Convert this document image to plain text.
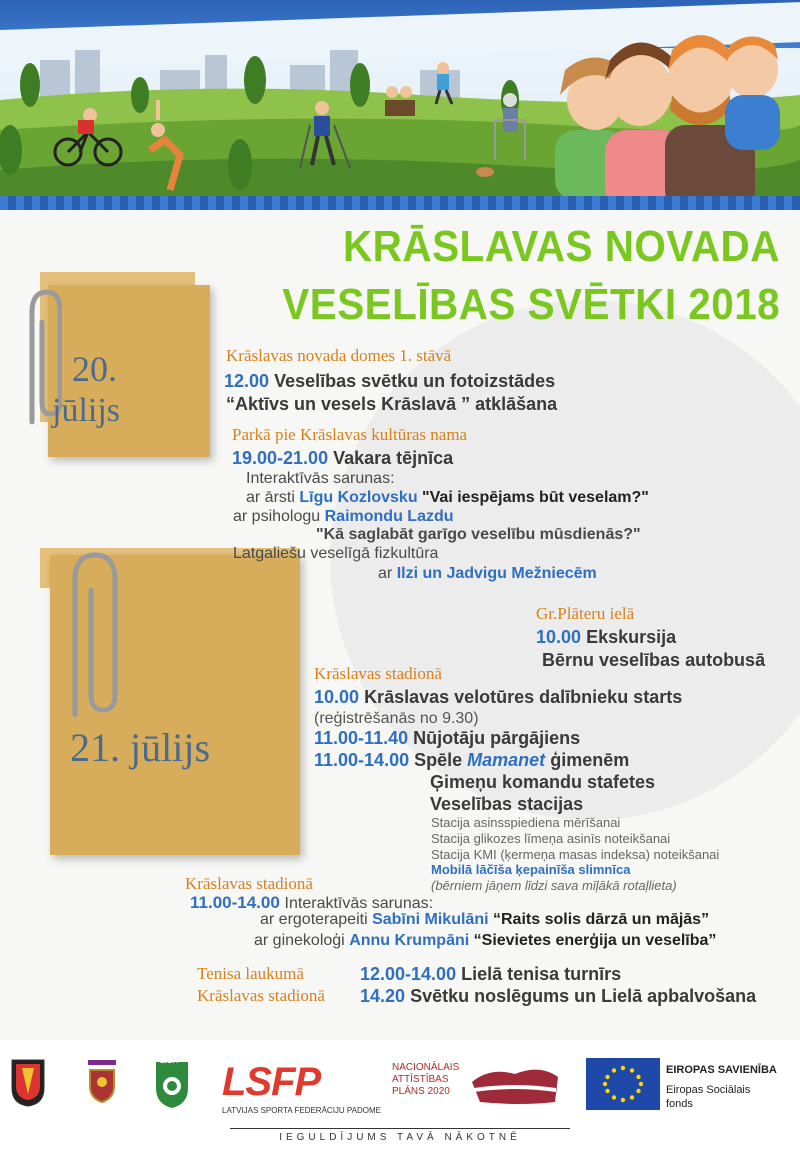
KRĀSLAVAS NOVADA
VESELĪBAS SVĒTKI 2018
20.
jūlijs
21. jūlijs
Krāslavas novada domes 1. stāvā
12.00 Veselības svētku un fotoizstādes
“Aktīvs un vesels Krāslavā ” atklāšana
Parkā pie Krāslavas kultūras nama
19.00-21.00 Vakara tējnīca
Interaktīvās sarunas:
ar ārsti Līgu Kozlovsku "Vai iespējams būt veselam?"
ar psihologu Raimondu Lazdu
"Kā saglabāt garīgo veselību mūsdienās?"
Latgaliešu veselīgā fizkultūra
ar Ilzi un Jadvigu Mežniecēm
Gr.Plāteru ielā
10.00 Ekskursija
Bērnu veselības autobusā
Krāslavas stadionā
10.00 Krāslavas velotūres dalībnieku starts
(reģistrēšanās no 9.30)
11.00-11.40 Nūjotāju pārgājiens
11.00-14.00 Spēle Mamanet ģimenēm
Ģimeņu komandu stafetes
Veselības stacijas
Stacija asinsspiediena mērīšanai
Stacija glikozes līmeņa asinīs noteikšanai
Stacija KMI (ķermeņa masas indeksa) noteikšanai
Mobilā lāčīša ķepainīša slimnīca
(bērniem jāņem līdzi sava mīļākā rotaļlieta)
Krāslavas stadionā
11.00-14.00 Interaktīvās sarunas:
ar ergoterapeiti Sabīni Mikulāni “Raits solis dārzā un mājās”
ar ginekoloģi Annu Krumpāni “Sievietes enerģija un veselība”
Tenisa laukumā	12.00-14.00 Lielā tenisa turnīrs
Krāslavas stadionā 14.20 Svētku noslēgums un Lielā apbalvošana
LISA LSFP
LATVIJAS SPORTA FEDERĀCIJU PADOME
NACIONĀLAIS
ATTĪSTĪBAS
PLĀNS 2020
EIROPAS SAVIENĪBA
Eiropas Sociālais
fonds
IEGULDĪJUMS TAVĀ NĀKOTNĒ
